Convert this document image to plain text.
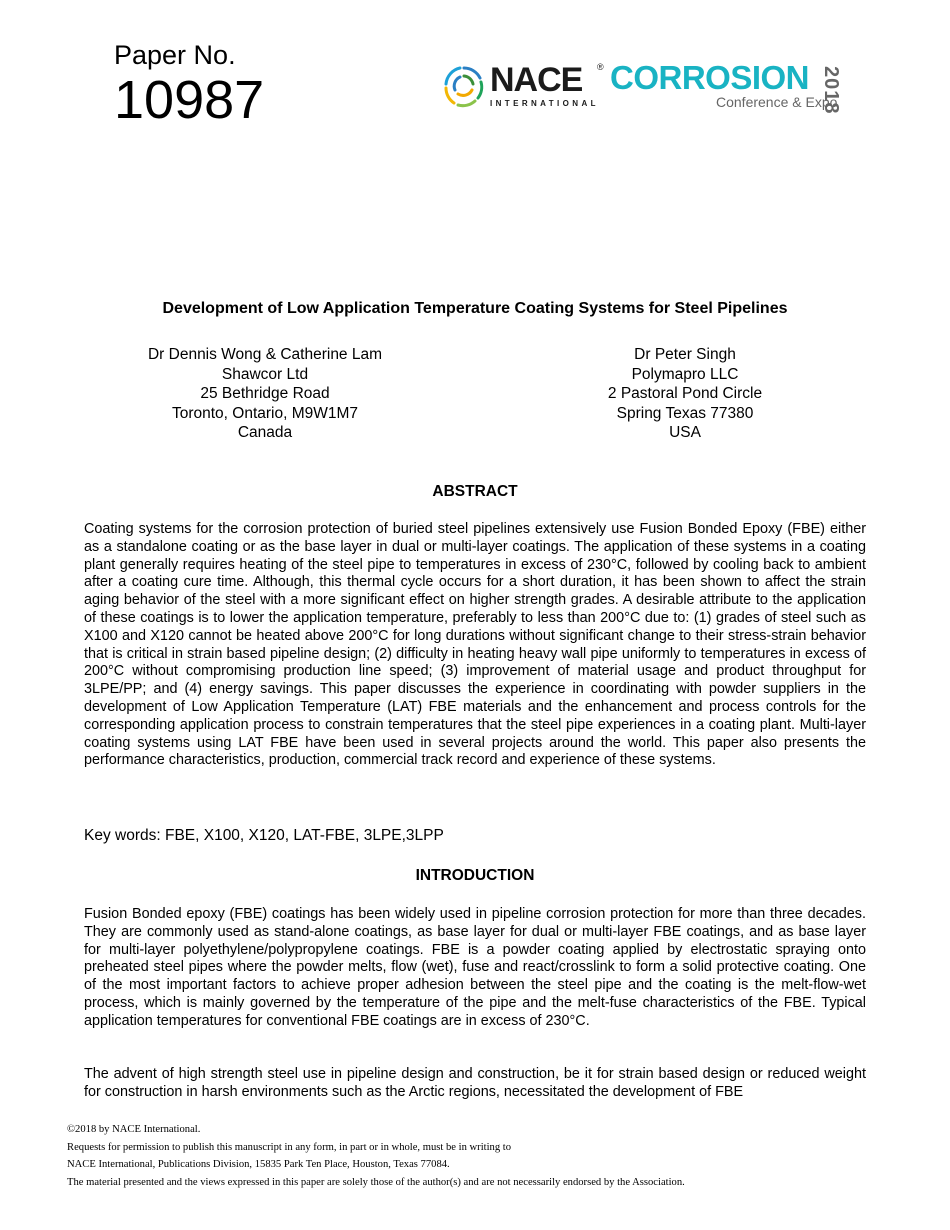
Paper No.
10987	NACE ®
INTERNATIONAL
CORROSION
Conference & Expo
2018
Development of Low Application Temperature Coating Systems for Steel Pipelines
Dr Dennis Wong & Catherine Lam
Shawcor Ltd
25 Bethridge Road
Toronto, Ontario, M9W1M7
Canada
Dr Peter Singh
Polymapro LLC
2 Pastoral Pond Circle
Spring Texas 77380
USA
ABSTRACT
Coating systems for the corrosion protection of buried steel pipelines extensively use Fusion Bonded Epoxy (FBE) either as a standalone coating or as the base layer in dual or multi-layer coatings. The application of these systems in a coating plant generally requires heating of the steel pipe to temperatures in excess of 230°C, followed by cooling back to ambient after a coating cure time. Although, this thermal cycle occurs for a short duration, it has been shown to affect the strain aging behavior of the steel with a more significant effect on higher strength grades. A desirable attribute to the application of these coatings is to lower the application temperature, preferably to less than 200°C due to: (1) grades of steel such as X100 and X120 cannot be heated above 200°C for long durations without significant change to their stress-strain behavior that is critical in strain based pipeline design; (2) difficulty in heating heavy wall pipe uniformly to temperatures in excess of 200°C without compromising production line speed; (3) improvement of material usage and product throughput for 3LPE/PP; and (4) energy savings. This paper discusses the experience in coordinating with powder suppliers in the development of Low Application Temperature (LAT) FBE materials and the enhancement and process controls for the corresponding application process to constrain temperatures that the steel pipe experiences in a coating plant. Multi-layer coating systems using LAT FBE have been used in several projects around the world. This paper also presents the performance characteristics, production, commercial track record and experience of these systems.
Key words: FBE, X100, X120, LAT-FBE, 3LPE,3LPP
INTRODUCTION
Fusion Bonded epoxy (FBE) coatings has been widely used in pipeline corrosion protection for more than three decades. They are commonly used as stand-alone coatings, as base layer for dual or multi-layer FBE coatings, and as base layer for multi-layer polyethylene/polypropylene coatings. FBE is a powder coating applied by electrostatic spraying onto preheated steel pipes where the powder melts, flow (wet), fuse and react/crosslink to form a solid protective coating. One of the most important factors to achieve proper adhesion between the steel pipe and the coating is the melt-flow-wet process, which is mainly governed by the temperature of the pipe and the melt-fuse characteristics of the FBE. Typical application temperatures for conventional FBE coatings are in excess of 230°C.
The advent of high strength steel use in pipeline design and construction, be it for strain based design or reduced weight for construction in harsh environments such as the Arctic regions, necessitated the development of FBE
©2018 by NACE International.
Requests for permission to publish this manuscript in any form, in part or in whole, must be in writing to
NACE International, Publications Division, 15835 Park Ten Place, Houston, Texas 77084.
The material presented and the views expressed in this paper are solely those of the author(s) and are not necessarily endorsed by the Association.
